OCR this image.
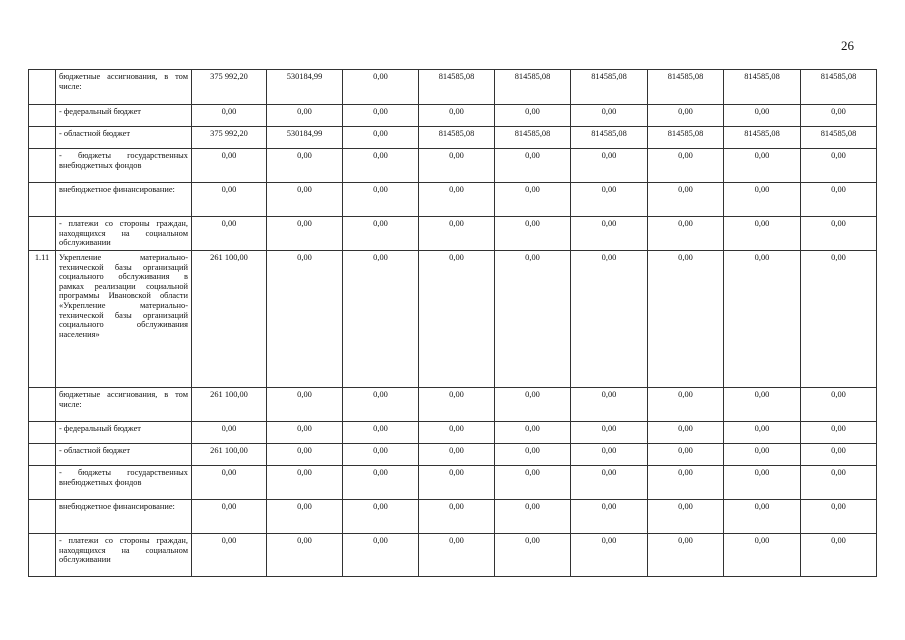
26
	бюджетные ассигнования, в том числе:	375 992,20	530184,99	0,00	814585,08	814585,08	814585,08	814585,08	814585,08	814585,08
	- федеральный бюджет	0,00	0,00	0,00	0,00	0,00	0,00	0,00	0,00	0,00
	- областной бюджет	375 992,20	530184,99	0,00	814585,08	814585,08	814585,08	814585,08	814585,08	814585,08
	- бюджеты государственных внебюджетных фондов	0,00	0,00	0,00	0,00	0,00	0,00	0,00	0,00	0,00
	внебюджетное финансирование:	0,00	0,00	0,00	0,00	0,00	0,00	0,00	0,00	0,00
	- платежи со стороны граждан, находящихся на социальном обслуживании	0,00	0,00	0,00	0,00	0,00	0,00	0,00	0,00	0,00
1.11	Укрепление материально-технической базы организаций социального обслуживания в рамках реализации социальной программы Ивановской области «Укрепление материально-технической базы организаций социального обслуживания населения»	261 100,00	0,00	0,00	0,00	0,00	0,00	0,00	0,00	0,00
	бюджетные ассигнования, в том числе:	261 100,00	0,00	0,00	0,00	0,00	0,00	0,00	0,00	0,00
	- федеральный бюджет	0,00	0,00	0,00	0,00	0,00	0,00	0,00	0,00	0,00
	- областной бюджет	261 100,00	0,00	0,00	0,00	0,00	0,00	0,00	0,00	0,00
	- бюджеты государственных внебюджетных фондов	0,00	0,00	0,00	0,00	0,00	0,00	0,00	0,00	0,00
	внебюджетное финансирование:	0,00	0,00	0,00	0,00	0,00	0,00	0,00	0,00	0,00
	- платежи со стороны граждан, находящихся на социальном обслуживании	0,00	0,00	0,00	0,00	0,00	0,00	0,00	0,00	0,00
